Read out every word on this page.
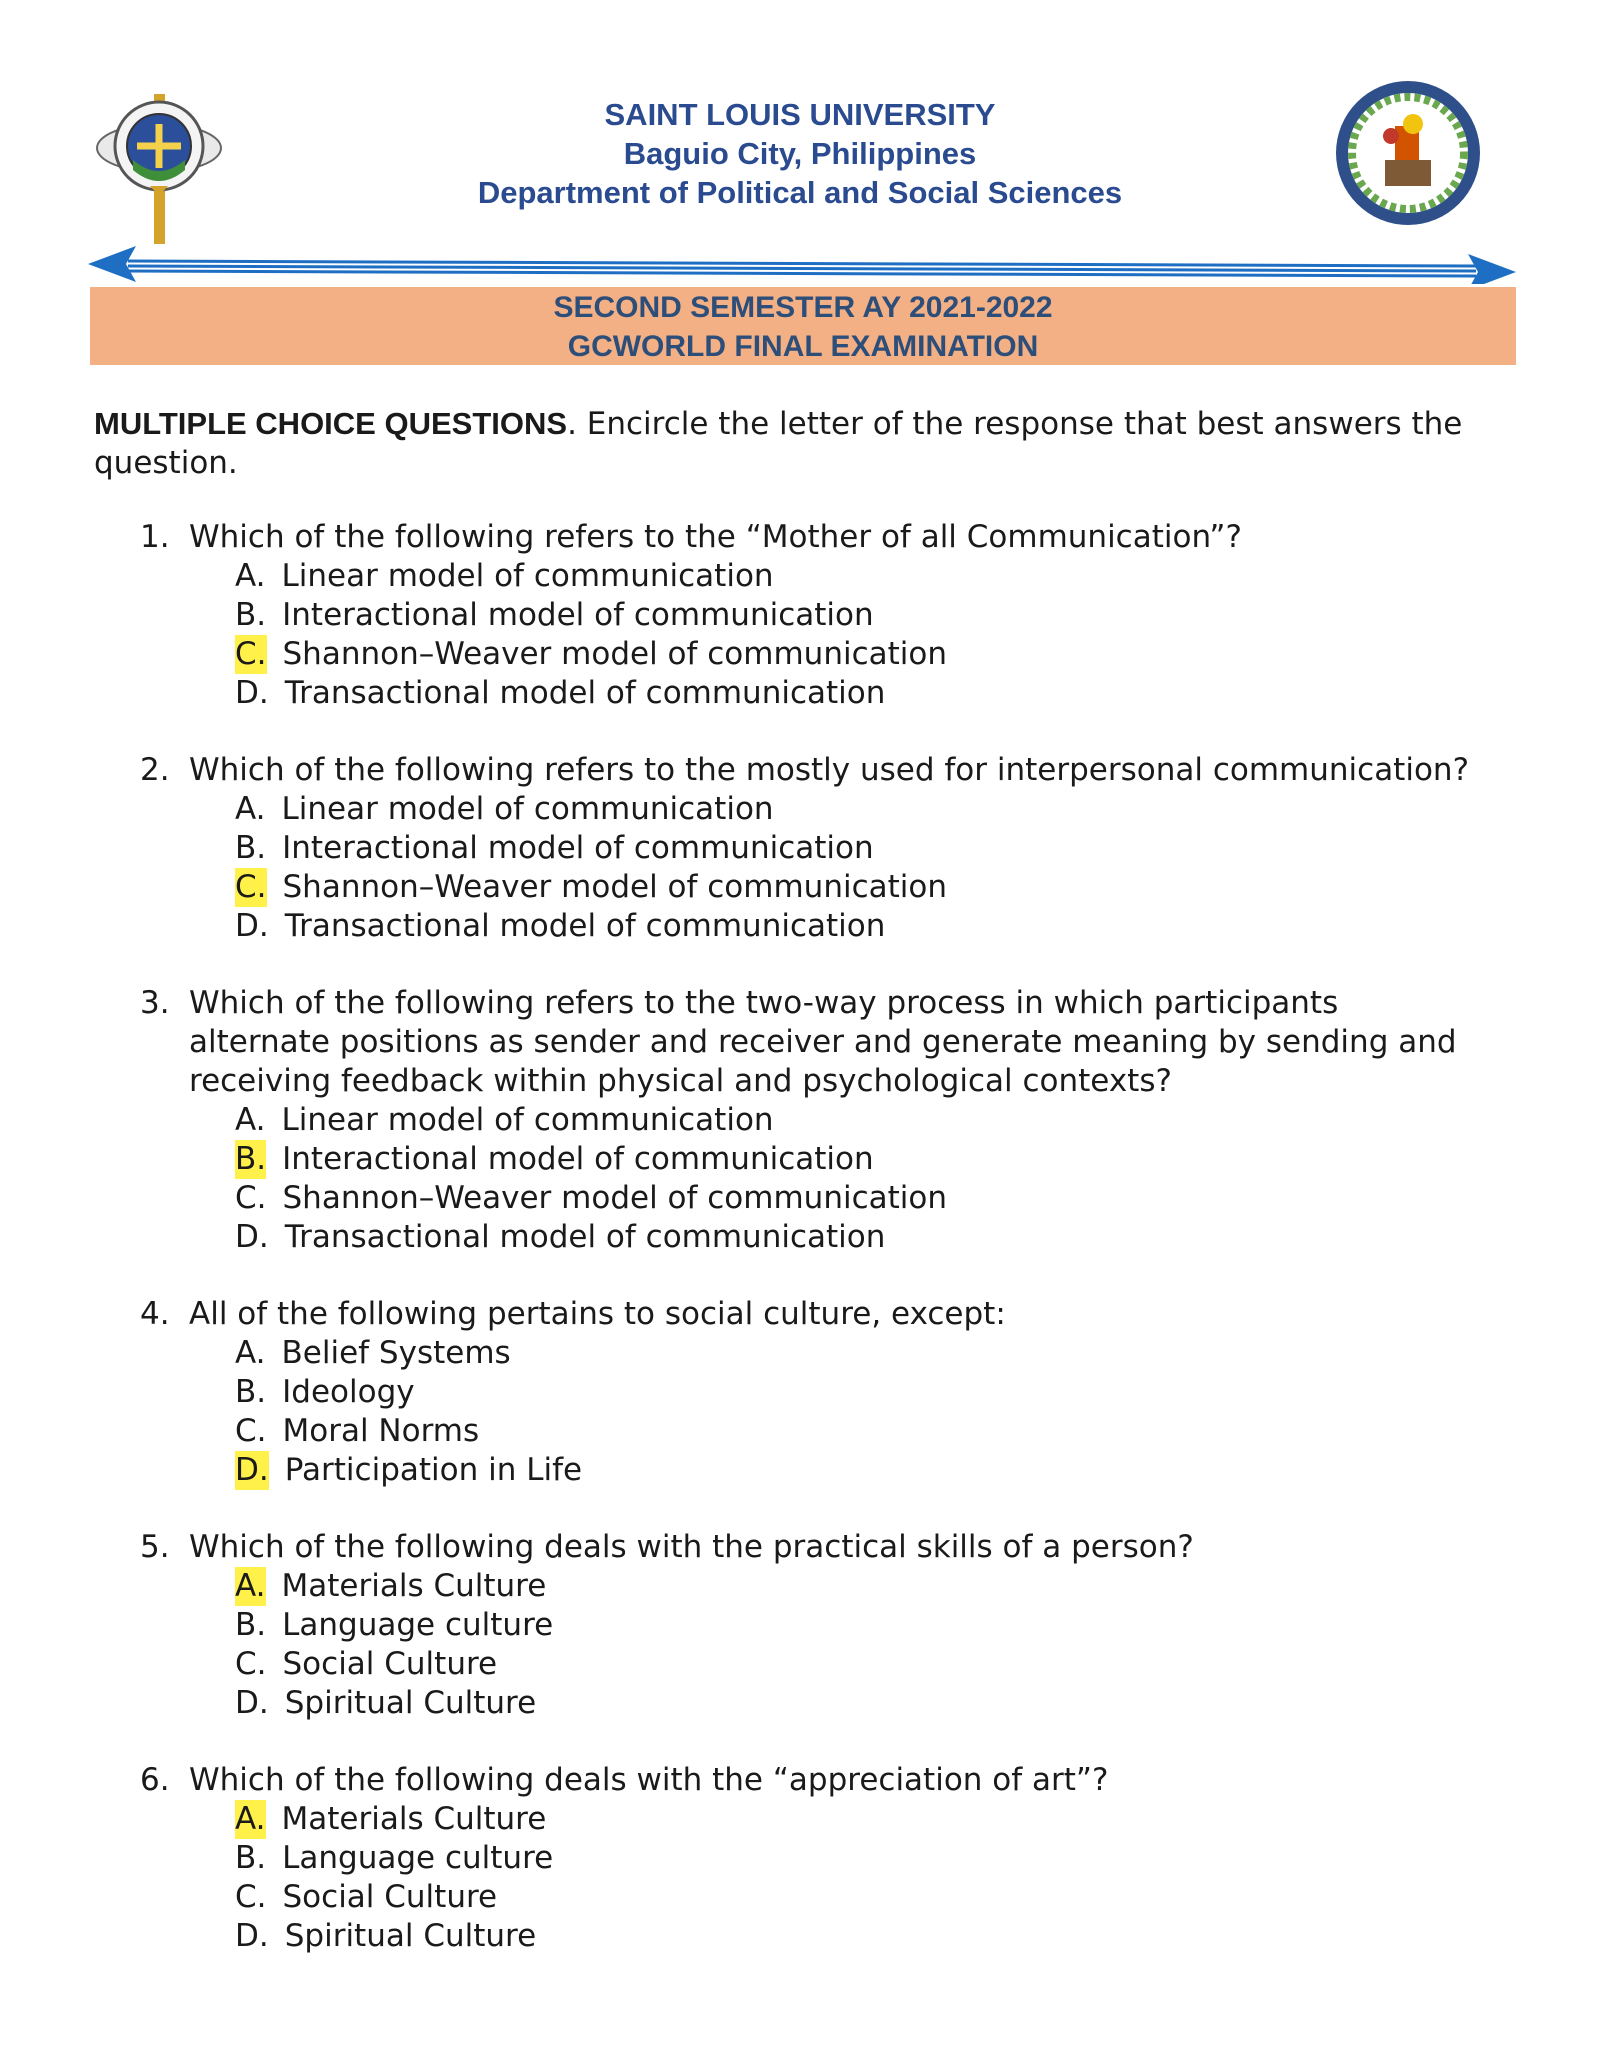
SAINT LOUIS UNIVERSITY
Baguio City, Philippines
Department of Political and Social Sciences
SECOND SEMESTER AY 2021-2022
GCWORLD FINAL EXAMINATION
MULTIPLE CHOICE QUESTIONS. Encircle the letter of the response that best answers the question.
1. Which of the following refers to the “Mother of all Communication”?
A. Linear model of communication
B. Interactional model of communication
C. Shannon–Weaver model of communication
D. Transactional model of communication
2. Which of the following refers to the mostly used for interpersonal communication?
A. Linear model of communication
B. Interactional model of communication
C. Shannon–Weaver model of communication
D. Transactional model of communication
3. Which of the following refers to the two-way process in which participants alternate positions as sender and receiver and generate meaning by sending and receiving feedback within physical and psychological contexts?
A. Linear model of communication
B. Interactional model of communication
C. Shannon–Weaver model of communication
D. Transactional model of communication
4. All of the following pertains to social culture, except:
A. Belief Systems
B. Ideology
C. Moral Norms
D. Participation in Life
5. Which of the following deals with the practical skills of a person?
A. Materials Culture
B. Language culture
C. Social Culture
D. Spiritual Culture
6. Which of the following deals with the “appreciation of art”?
A. Materials Culture
B. Language culture
C. Social Culture
D. Spiritual Culture
